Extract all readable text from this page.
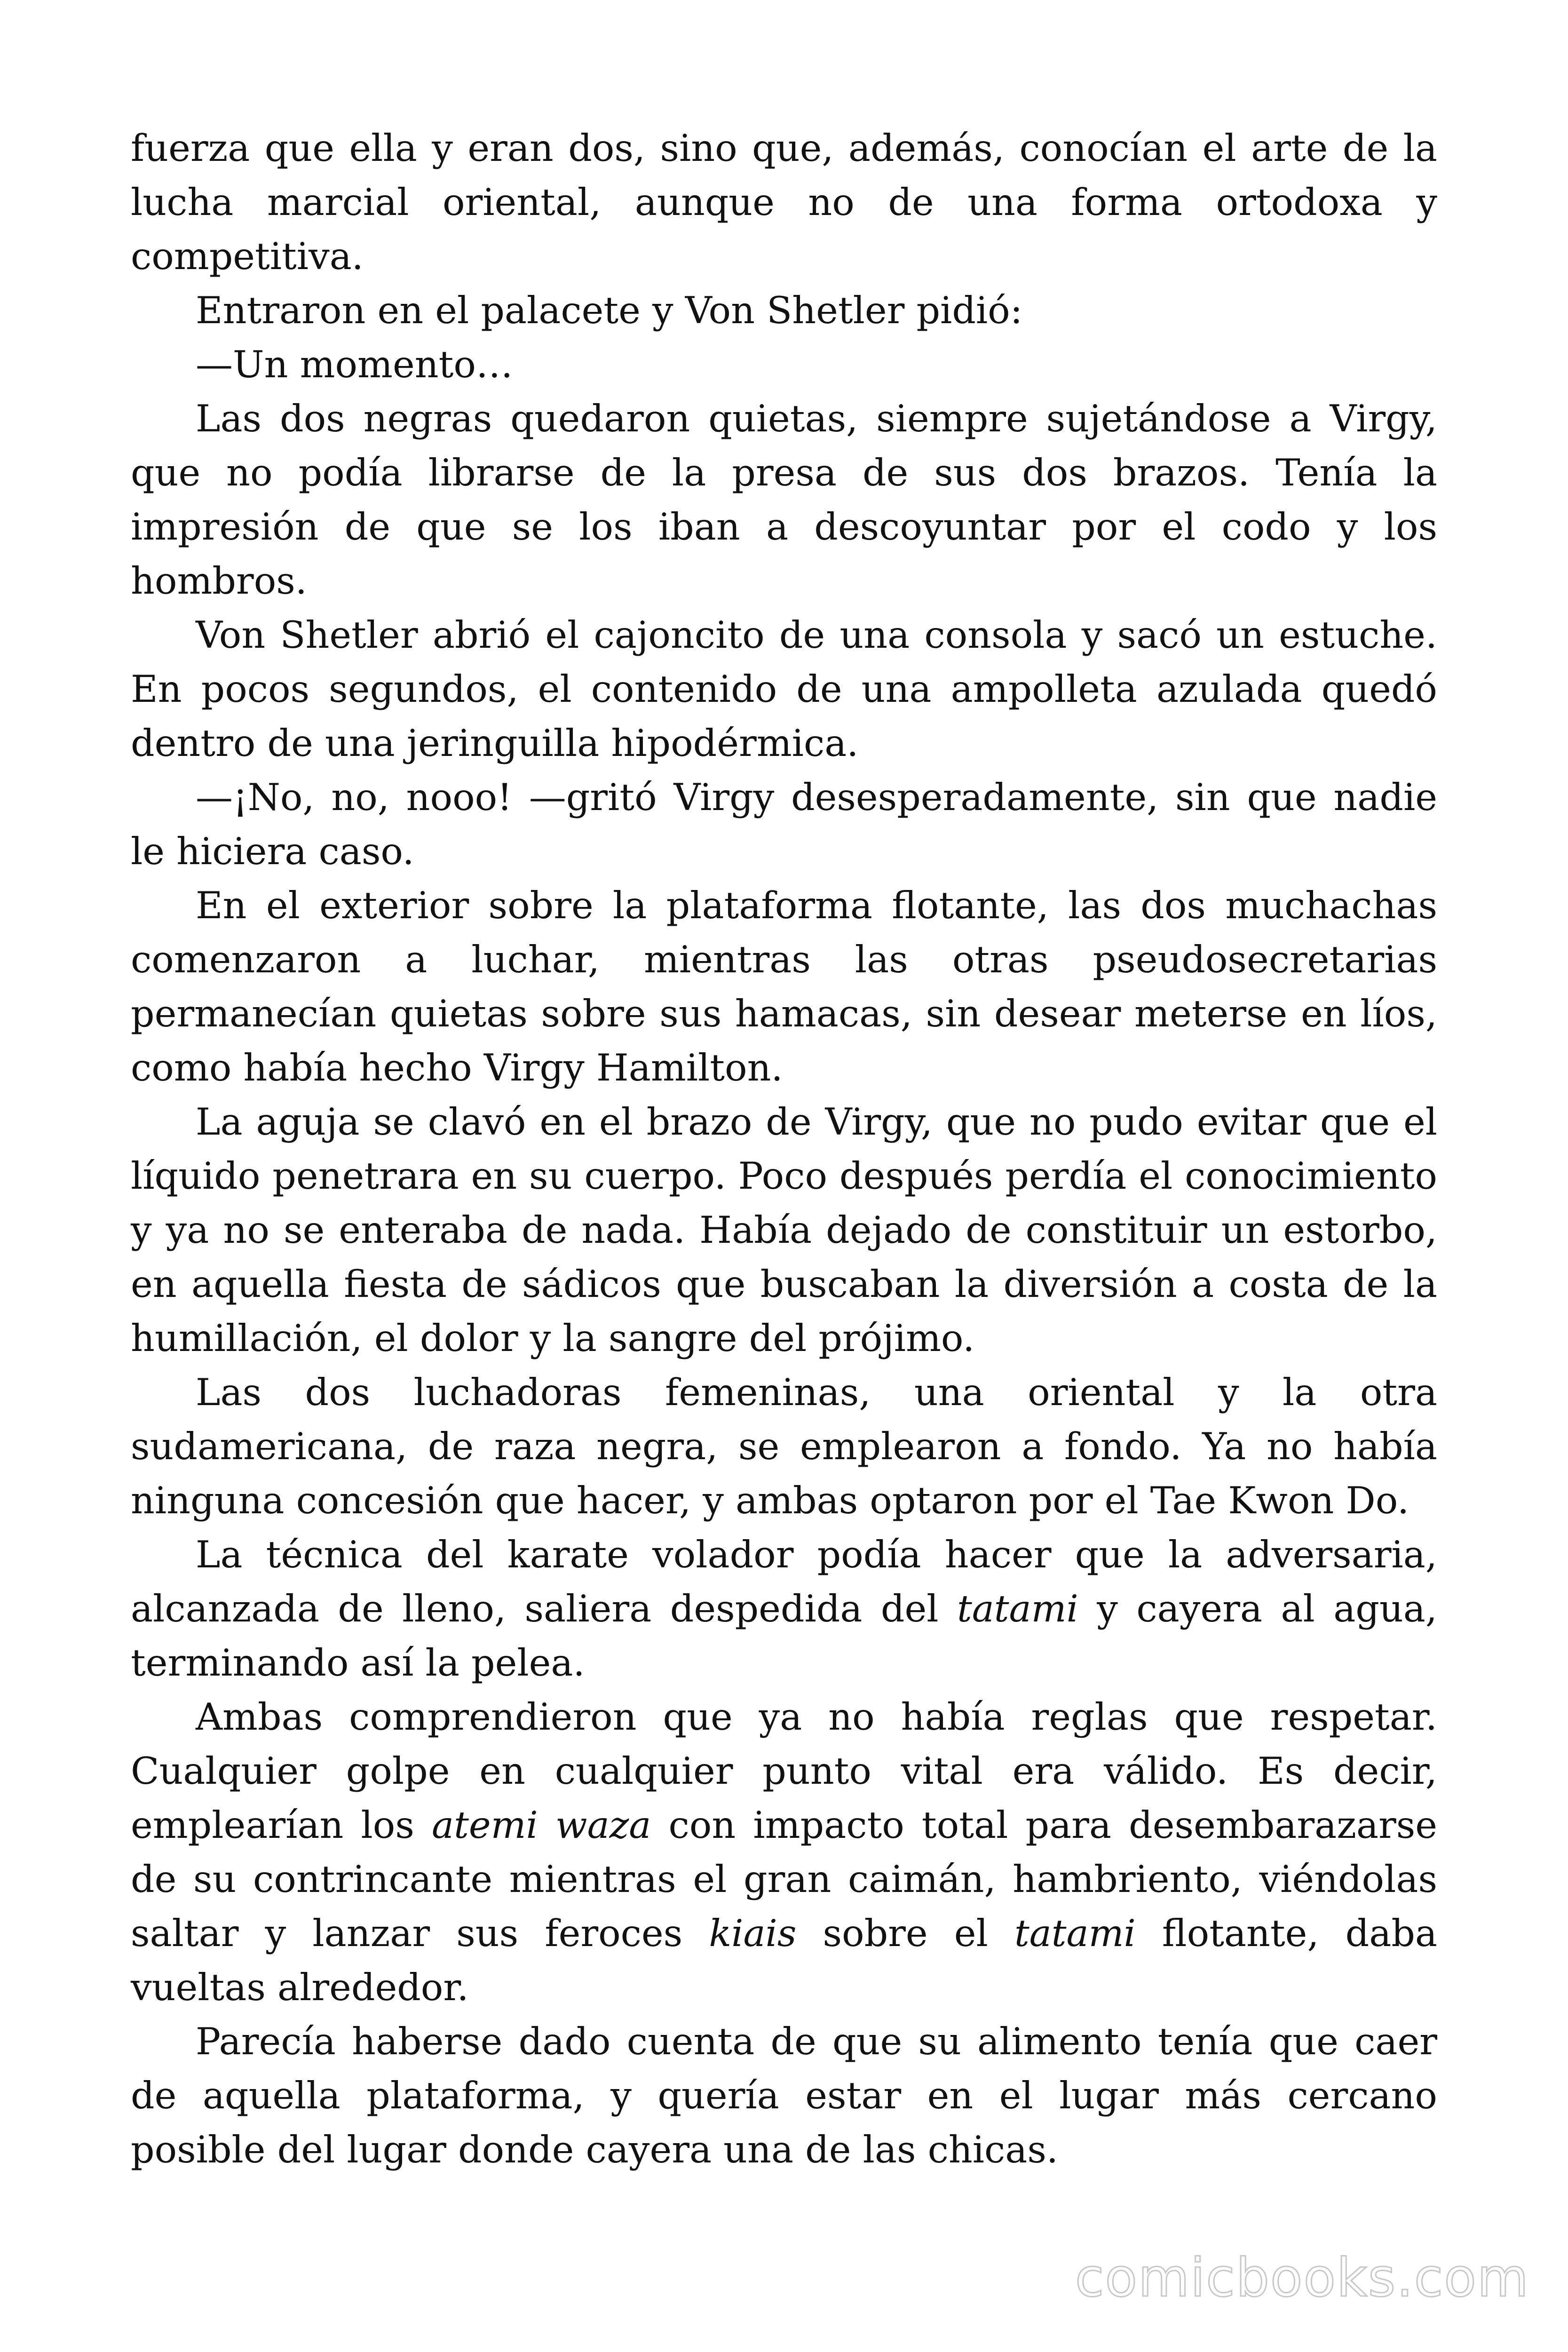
fuerza que ella y eran dos, sino que, además, conocían el arte de la lucha marcial oriental, aunque no de una forma ortodoxa y competitiva.

Entraron en el palacete y Von Shetler pidió:

—Un momento…

Las dos negras quedaron quietas, siempre sujetándose a Virgy, que no podía librarse de la presa de sus dos brazos. Tenía la impresión de que se los iban a descoyuntar por el codo y los hombros.

Von Shetler abrió el cajoncito de una consola y sacó un estuche. En pocos segundos, el contenido de una ampolleta azulada quedó dentro de una jeringuilla hipodérmica.

—¡No, no, nooo! —gritó Virgy desesperadamente, sin que nadie le hiciera caso.

En el exterior sobre la plataforma flotante, las dos muchachas comenzaron a luchar, mientras las otras pseudosecretarias permanecían quietas sobre sus hamacas, sin desear meterse en líos, como había hecho Virgy Hamilton.

La aguja se clavó en el brazo de Virgy, que no pudo evitar que el líquido penetrara en su cuerpo. Poco después perdía el conocimiento y ya no se enteraba de nada. Había dejado de constituir un estorbo, en aquella fiesta de sádicos que buscaban la diversión a costa de la humillación, el dolor y la sangre del prójimo.

Las dos luchadoras femeninas, una oriental y la otra sudamericana, de raza negra, se emplearon a fondo. Ya no había ninguna concesión que hacer, y ambas optaron por el Tae Kwon Do.

La técnica del karate volador podía hacer que la adversaria, alcanzada de lleno, saliera despedida del tatami y cayera al agua, terminando así la pelea.

Ambas comprendieron que ya no había reglas que respetar. Cualquier golpe en cualquier punto vital era válido. Es decir, emplearían los atemi waza con impacto total para desembarazarse de su contrincante mientras el gran caimán, hambriento, viéndolas saltar y lanzar sus feroces kiais sobre el tatami flotante, daba vueltas alrededor.

Parecía haberse dado cuenta de que su alimento tenía que caer de aquella plataforma, y quería estar en el lugar más cercano posible del lugar donde cayera una de las chicas.

comicbooks.com
